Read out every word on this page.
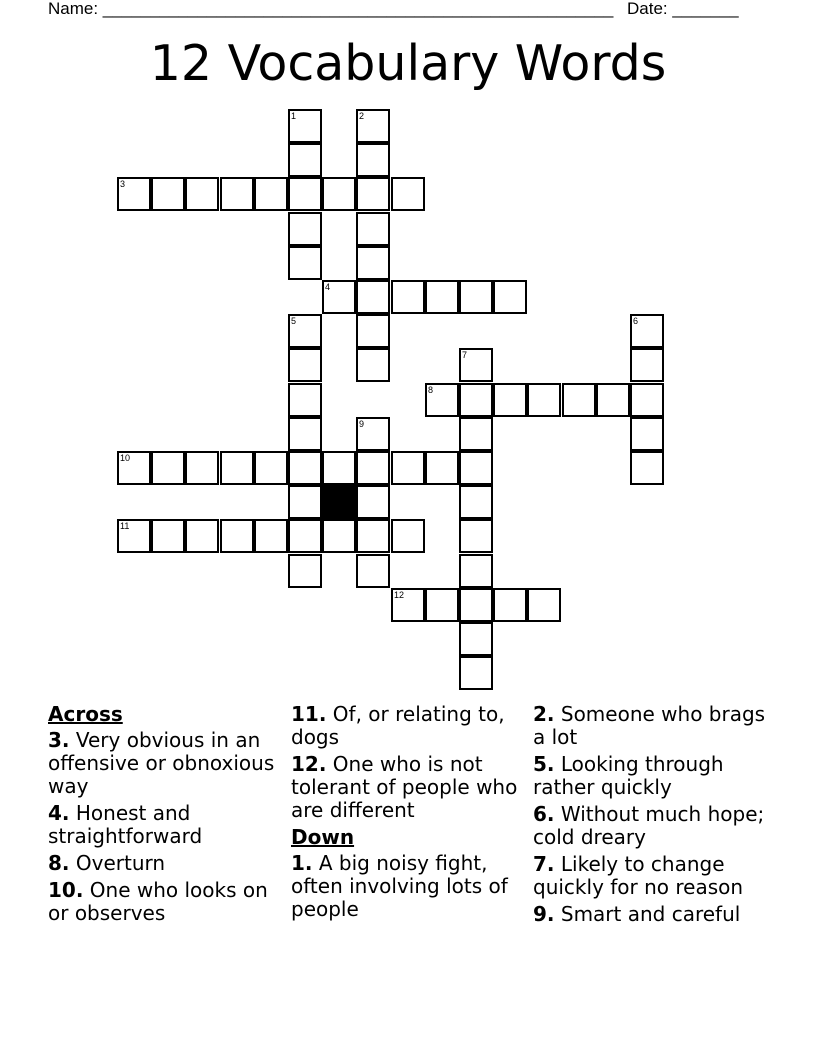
Name: ______________________________________________________ Date: _______
12 Vocabulary Words
1	2
3
4
5	6
7
8
9
10
11
12
Across
3. Very obvious in an offensive or obnoxious way
4. Honest and straightforward
8. Overturn
10. One who looks on or observes
11. Of, or relating to, dogs
12. One who is not tolerant of people who are different
Down
1. A big noisy fight, often involving lots of people
2. Someone who brags a lot
5. Looking through rather quickly
6. Without much hope; cold dreary
7. Likely to change quickly for no reason
9. Smart and careful
